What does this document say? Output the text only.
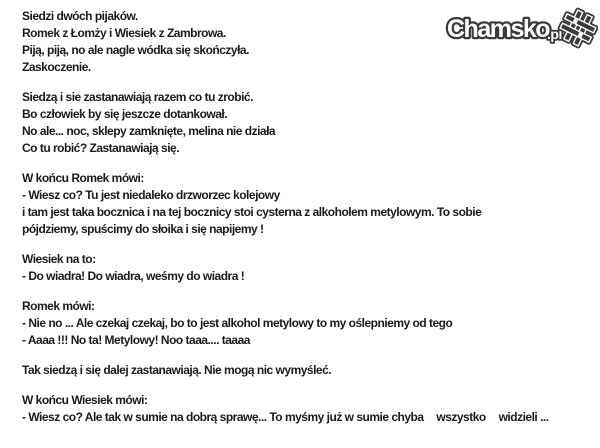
Siedzi dwóch pijaków.
Romek z Łomży i Wiesiek z Zambrowa.
Piją, piją, no ale nagle wódka się skończyła.
Zaskoczenie.

Siedzą i sie zastanawiają razem co tu zrobić.
Bo człowiek by się jeszcze dotankował.
No ale... noc, sklepy zamknięte, melina nie działa
Co tu robić? Zastanawiają się.

W końcu Romek mówi:
- Wiesz co? Tu jest niedaleko drzworzec kolejowy
i tam jest taka bocznica i na tej bocznicy stoi cysterna z alkoholem metylowym. To sobie
pójdziemy, spuścimy do słoika i się napijemy !

Wiesiek na to:
- Do wiadra! Do wiadra, weśmy do wiadra !

Romek mówi:
- Nie no ... Ale czekaj czekaj, bo to jest alkohol metylowy to my oślepniemy od tego
- Aaaa !!! No ta! Metylowy! Noo taaa.... taaaa

Tak siedzą i się dalej zastanawiają. Nie mogą nic wymyśleć.

W końcu Wiesiek mówi:
- Wiesz co? Ale tak w sumie na dobrą sprawę... To myśmy już w sumie chyba wszystko widzieli ...

Chamsko
.pl
